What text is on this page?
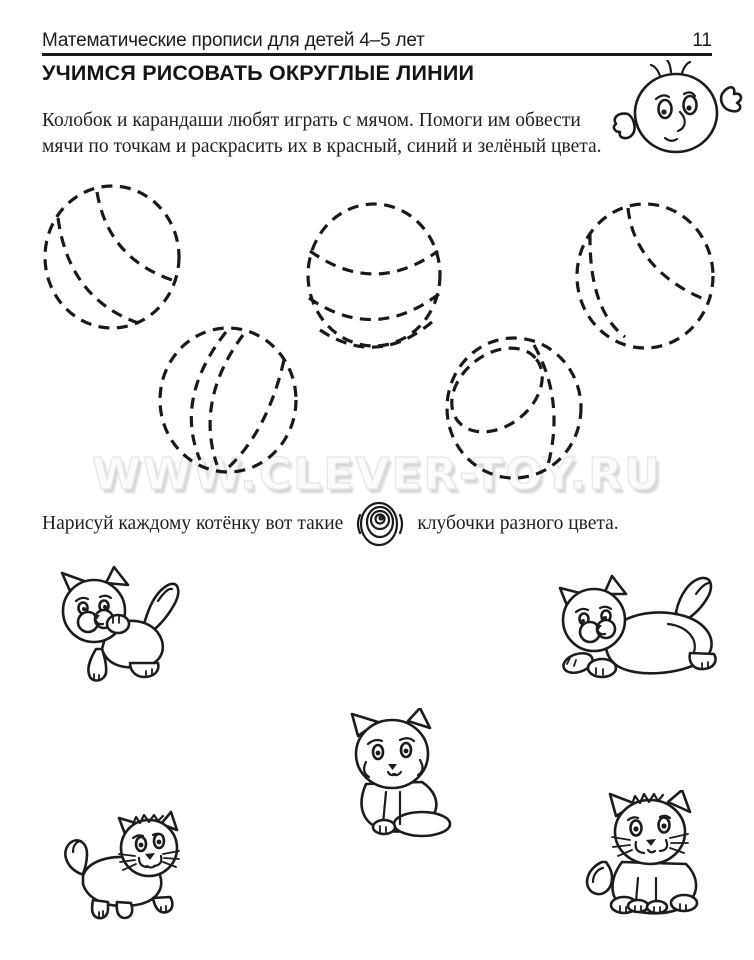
Математические прописи для детей 4–5 лет	11
УЧИМСЯ РИСОВАТЬ ОКРУГЛЫЕ ЛИНИИ
Колобок и карандаши любят играть с мячом. Помоги им обвести
мячи по точкам и раскрасить их в красный, синий и зелёный цвета.
WWW.CLEVER-TOY.RU
Нарисуй каждому котёнку вот такие	клубочки разного цвета.
